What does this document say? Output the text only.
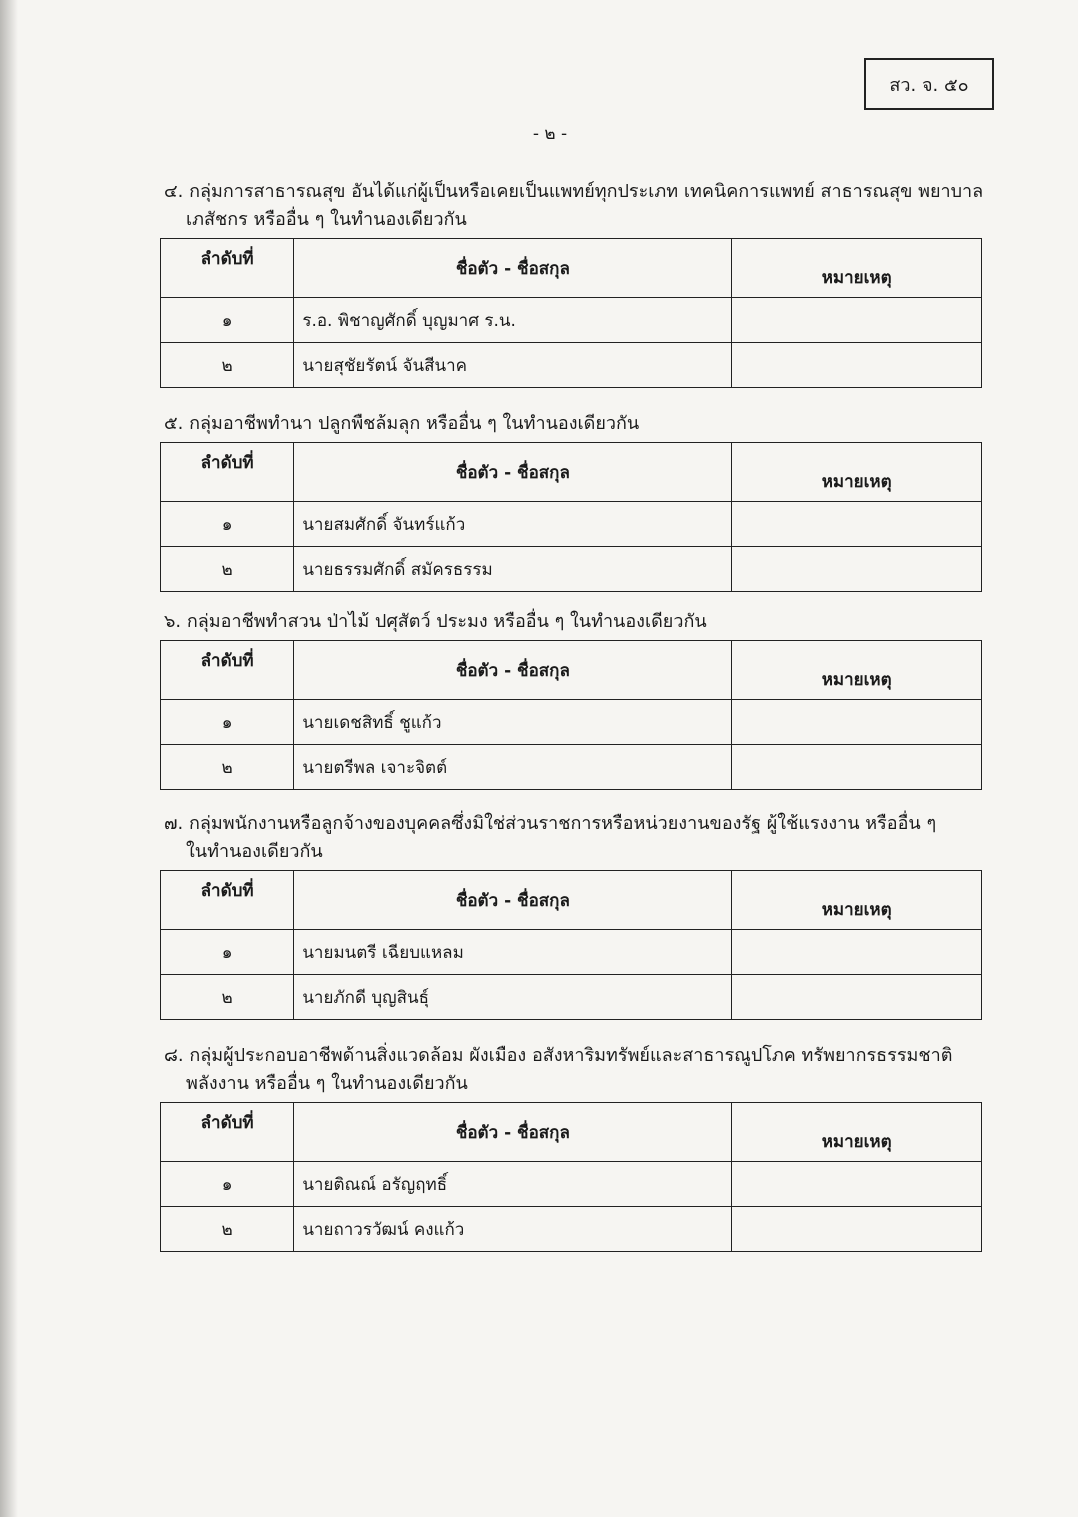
สว. จ. ๕๐
- ๒ -
๔. กลุ่มการสาธารณสุข อันได้แก่ผู้เป็นหรือเคยเป็นแพทย์ทุกประเภท เทคนิคการแพทย์ สาธารณสุข พยาบาล
เภสัชกร หรืออื่น ๆ ในทำนองเดียวกัน
ลำดับที่	ชื่อตัว - ชื่อสกุล	หมายเหตุ
๑	ร.อ. พิชาญศักดิ์ บุญมาศ ร.น.	
๒	นายสุชัยรัตน์ จันสีนาค	
๕. กลุ่มอาชีพทำนา ปลูกพืชล้มลุก หรืออื่น ๆ ในทำนองเดียวกัน
ลำดับที่	ชื่อตัว - ชื่อสกุล	หมายเหตุ
๑	นายสมศักดิ์ จันทร์แก้ว	
๒	นายธรรมศักดิ์ สมัครธรรม	
๖. กลุ่มอาชีพทำสวน ป่าไม้ ปศุสัตว์ ประมง หรืออื่น ๆ ในทำนองเดียวกัน
ลำดับที่	ชื่อตัว - ชื่อสกุล	หมายเหตุ
๑	นายเดชสิทธิ์ ชูแก้ว	
๒	นายตรีพล เจาะจิตต์	
๗. กลุ่มพนักงานหรือลูกจ้างของบุคคลซึ่งมิใช่ส่วนราชการหรือหน่วยงานของรัฐ ผู้ใช้แรงงาน หรืออื่น ๆ
ในทำนองเดียวกัน
ลำดับที่	ชื่อตัว - ชื่อสกุล	หมายเหตุ
๑	นายมนตรี เฉียบแหลม	
๒	นายภักดี บุญสินธุ์	
๘. กลุ่มผู้ประกอบอาชีพด้านสิ่งแวดล้อม ผังเมือง อสังหาริมทรัพย์และสาธารณูปโภค ทรัพยากรธรรมชาติ
พลังงาน หรืออื่น ๆ ในทำนองเดียวกัน
ลำดับที่	ชื่อตัว - ชื่อสกุล	หมายเหตุ
๑	นายติณณ์ อรัญฤทธิ์	
๒	นายถาวรวัฒน์ คงแก้ว	
